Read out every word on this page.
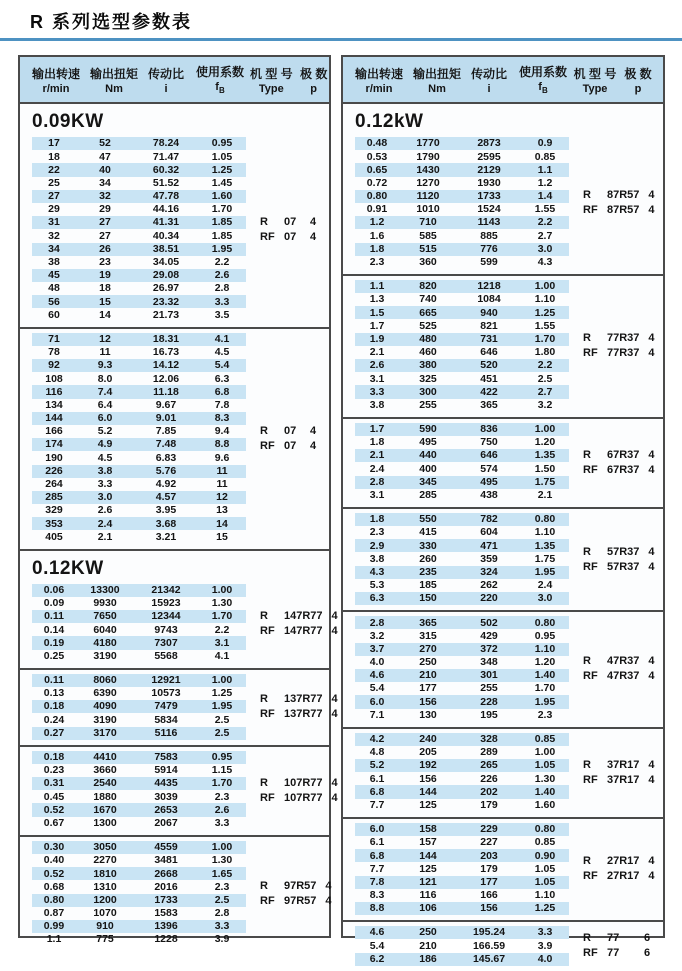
R 系列选型参数表
输出转速
r/min
输出扭矩
Nm
传动比
i
使用系数
$f_B$
机 型 号
Type
极 数
p
0.09KW
17	52	78.24	0.95
18	47	71.47	1.05
22	40	60.32	1.25
25	34	51.52	1.45
27	32	47.78	1.60
29	29	44.16	1.70
31	27	41.31	1.85
32	27	40.34	1.85
34	26	38.51	1.95
38	23	34.05	2.2
45	19	29.08	2.6
48	18	26.97	2.8
56	15	23.32	3.3
60	14	21.73	3.5
R	07	4
RF 07	4
71	12	18.31	4.1
78	11	16.73	4.5
92	9.3	14.12	5.4
108	8.0	12.06	6.3
116	7.4	11.18	6.8
134	6.4	9.67	7.8
144	6.0	9.01	8.3
166	5.2	7.85	9.4
174	4.9	7.48	8.8
190	4.5	6.83	9.6
226	3.8	5.76	11
264	3.3	4.92	11
285	3.0	4.57	12
329	2.6	3.95	13
353	2.4	3.68	14
405	2.1	3.21	15
R	07	4
RF 07	4
0.12KW
0.06	13300	21342	1.00
0.09	9930	15923	1.30
0.11	7650	12344	1.70
0.14	6040	9743	2.2
0.19	4180	7307	3.1
0.25	3190	5568	4.1
R	147R77 4
RF 147R77 4
0.11	8060	12921	1.00
0.13	6390	10573	1.25
0.18	4090	7479	1.95
0.24	3190	5834	2.5
0.27	3170	5116	2.5
R	137R77 4
RF 137R77 4
0.18	4410	7583	0.95
0.23	3660	5914	1.15
0.31	2540	4435	1.70
0.45	1880	3039	2.3
0.52	1670	2653	2.6
0.67	1300	2067	3.3
R	107R77 4
RF 107R77 4
0.30	3050	4559	1.00
0.40	2270	3481	1.30
0.52	1810	2668	1.65
0.68	1310	2016	2.3
0.80	1200	1733	2.5
0.87	1070	1583	2.8
0.99	910	1396	3.3
1.1	775	1228	3.9
R	97R57 4
RF 97R57 4
输出转速
r/min
输出扭矩
Nm
传动比
i
使用系数
$f_B$
机 型 号
Type
极 数
p
0.12kW
0.48	1770	2873	0.9
0.53	1790	2595	0.85
0.65	1430	2129	1.1
0.72	1270	1930	1.2
0.80	1120	1733	1.4
0.91	1010	1524	1.55
1.2	710	1143	2.2
1.6	585	885	2.7
1.8	515	776	3.0
2.3	360	599	4.3
R	87R57 4
RF 87R57 4
1.1	820	1218	1.00
1.3	740	1084	1.10
1.5	665	940	1.25
1.7	525	821	1.55
1.9	480	731	1.70
2.1	460	646	1.80
2.6	380	520	2.2
3.1	325	451	2.5
3.3	300	422	2.7
3.8	255	365	3.2
R	77R37 4
RF 77R37 4
1.7	590	836	1.00
1.8	495	750	1.20
2.1	440	646	1.35
2.4	400	574	1.50
2.8	345	495	1.75
3.1	285	438	2.1
R	67R37 4
RF 67R37 4
1.8	550	782	0.80
2.3	415	604	1.10
2.9	330	471	1.35
3.8	260	359	1.75
4.3	235	324	1.95
5.3	185	262	2.4
6.3	150	220	3.0
R	57R37 4
RF 57R37 4
2.8	365	502	0.80
3.2	315	429	0.95
3.7	270	372	1.10
4.0	250	348	1.20
4.6	210	301	1.40
5.4	177	255	1.70
6.0	156	228	1.95
7.1	130	195	2.3
R	47R37 4
RF 47R37 4
4.2	240	328	0.85
4.8	205	289	1.00
5.2	192	265	1.05
6.1	156	226	1.30
6.8	144	202	1.40
7.7	125	179	1.60
R	37R17 4
RF 37R17 4
6.0	158	229	0.80
6.1	157	227	0.85
6.8	144	203	0.90
7.7	125	179	1.05
7.8	121	177	1.05
8.3	116	166	1.10
8.8	106	156	1.25
R	27R17 4
RF 27R17 4
4.6	250	195.24	3.3
5.4	210	166.59	3.9
6.2	186	145.67	4.0
R	77	6
RF 77	6
